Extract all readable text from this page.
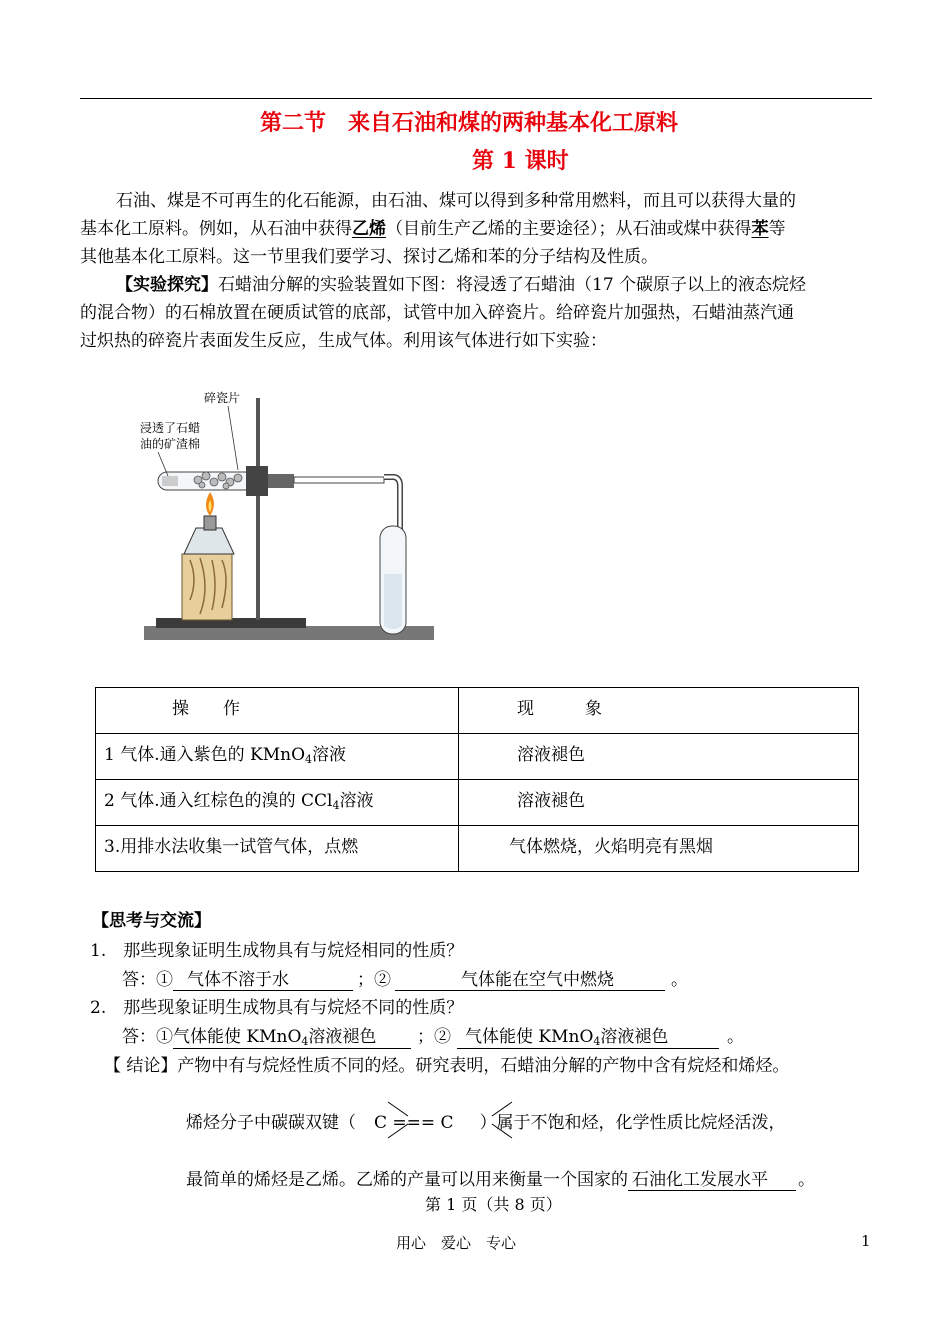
第二节　来自石油和煤的两种基本化工原料
第 1 课时
石油、煤是不可再生的化石能源，由石油、煤可以得到多种常用燃料，而且可以获得大量的
基本化工原料。例如，从石油中获得乙烯（目前生产乙烯的主要途径）；从石油或煤中获得苯等
其他基本化工原料。这一节里我们要学习、探讨乙烯和苯的分子结构及性质。
【实验探究】石蜡油分解的实验装置如下图：将浸透了石蜡油（17 个碳原子以上的液态烷烃
的混合物）的石棉放置在硬质试管的底部，试管中加入碎瓷片。给碎瓷片加强热，石蜡油蒸汽通
过炽热的碎瓷片表面发生反应，生成气体。利用该气体进行如下实验：
碎瓷片
浸透了石蜡
油的矿渣棉
操　　作	现　　　象
1 气体.通入紫色的 KMnO$_4$溶液	溶液褪色
2 气体.通入红棕色的溴的 CCl$_4$溶液	溶液褪色
3.用排水法收集一试管气体，点燃	气体燃烧，火焰明亮有黑烟
【思考与交流】
1.　那些现象证明生成物具有与烷烃相同的性质？
答：① 气体不溶于水	；②	气体能在空气中燃烧	。
2.　那些现象证明生成物具有与烷烃不同的性质？
答：①气体能使 KMnO$_4$溶液褪色 ；② 气体能使 KMnO$_4$溶液褪色	。
【 结论】产物中有与烷烃性质不同的烃。研究表明，石蜡油分解的产物中含有烷烃和烯烃。
烯烃分子中碳碳双键（ C === C ）属于不饱和烃，化学性质比烷烃活泼，
最简单的烯烃是乙烯。乙烯的产量可以用来衡量一个国家的 石油化工发展水平 。
第 1 页（共 8 页）
用心　爱心　专心	1
